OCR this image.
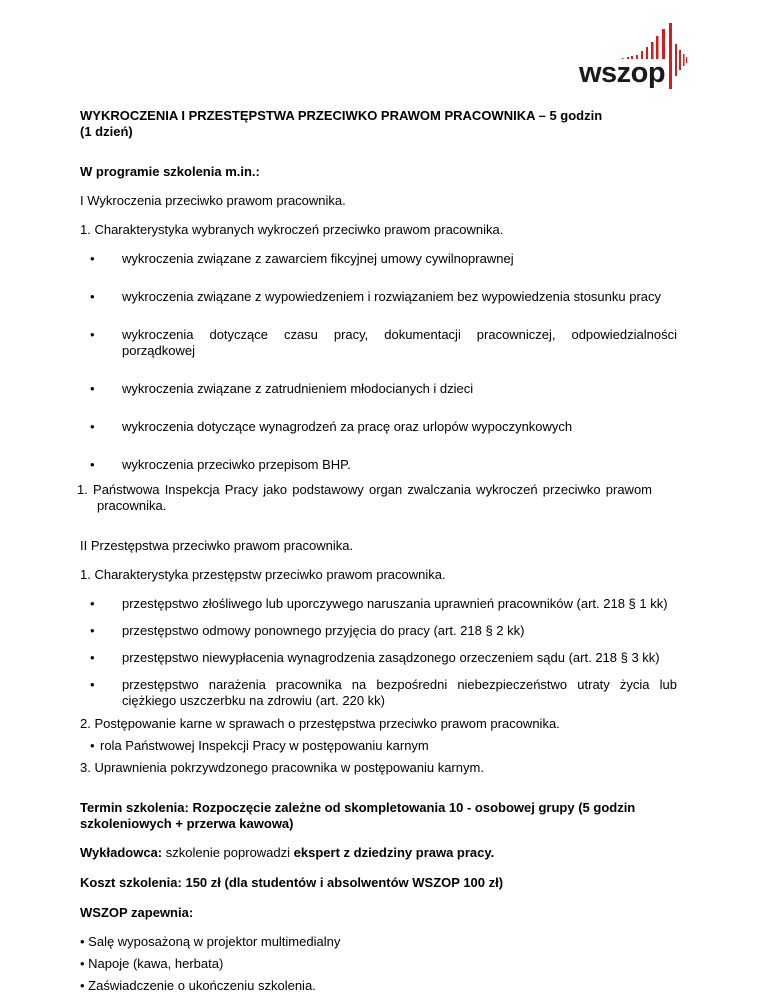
wszop

WYKROCZENIA I PRZESTĘPSTWA PRZECIWKO PRAWOM PRACOWNIKA – 5 godzin

(1 dzień)

W programie szkolenia m.in.:

I Wykroczenia przeciwko prawom pracownika.

1. Charakterystyka wybranych wykroczeń przeciwko prawom pracownika.

• wykroczenia związane z zawarciem fikcyjnej umowy cywilnoprawnej
• wykroczenia związane z wypowiedzeniem i rozwiązaniem bez wypowiedzenia stosunku pracy
• wykroczenia dotyczące czasu pracy, dokumentacji pracowniczej, odpowiedzialności porządkowej
• wykroczenia związane z zatrudnieniem młodocianych i dzieci
• wykroczenia dotyczące wynagrodzeń za pracę oraz urlopów wypoczynkowych
• wykroczenia przeciwko przepisom BHP.

1. Państwowa Inspekcja Pracy jako podstawowy organ zwalczania wykroczeń przeciwko prawom pracownika.

II Przestępstwa przeciwko prawom pracownika.

1. Charakterystyka przestępstw przeciwko prawom pracownika.

• przestępstwo złośliwego lub uporczywego naruszania uprawnień pracowników (art. 218 § 1 kk)
• przestępstwo odmowy ponownego przyjęcia do pracy (art. 218 § 2 kk)
• przestępstwo niewypłacenia wynagrodzenia zasądzonego orzeczeniem sądu (art. 218 § 3 kk)
• przestępstwo narażenia pracownika na bezpośredni niebezpieczeństwo utraty życia lub ciężkiego uszczerbku na zdrowiu (art. 220 kk)

2. Postępowanie karne w sprawach o przestępstwa przeciwko prawom pracownika.

• rola Państwowej Inspekcji Pracy w postępowaniu karnym

3. Uprawnienia pokrzywdzonego pracownika w postępowaniu karnym.

Termin szkolenia: Rozpoczęcie zależne od skompletowania 10 - osobowej grupy (5 godzin szkoleniowych + przerwa kawowa)

Wykładowca: szkolenie poprowadzi ekspert z dziedziny prawa pracy.

Koszt szkolenia: 150 zł (dla studentów i absolwentów WSZOP 100 zł)

WSZOP zapewnia:

• Salę wyposażoną w projektor multimedialny

• Napoje (kawa, herbata)

• Zaświadczenie o ukończeniu szkolenia.
